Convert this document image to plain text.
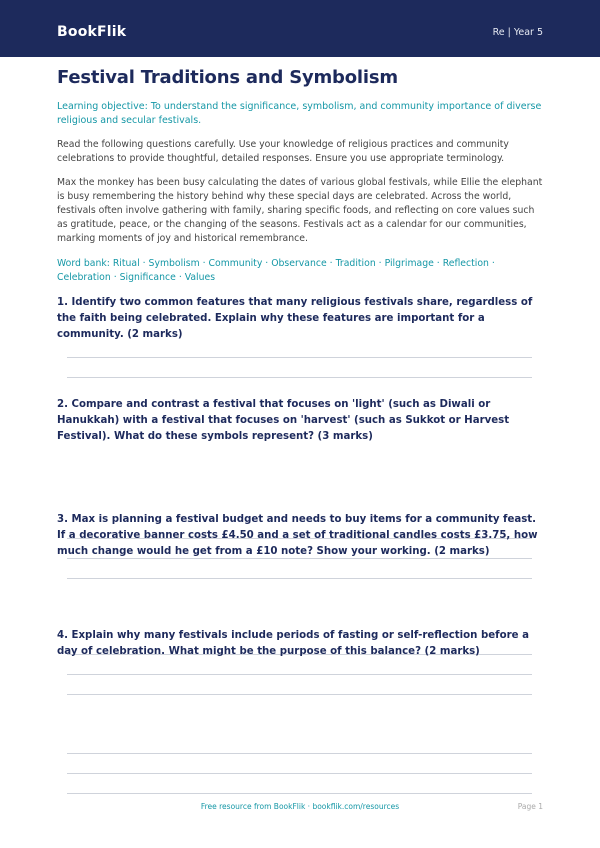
BookFlik	Re | Year 5
Festival Traditions and Symbolism
Learning objective: To understand the significance, symbolism, and community importance of diverse religious and secular festivals.
Read the following questions carefully. Use your knowledge of religious practices and community celebrations to provide thoughtful, detailed responses. Ensure you use appropriate terminology.
Max the monkey has been busy calculating the dates of various global festivals, while Ellie the elephant is busy remembering the history behind why these special days are celebrated. Across the world, festivals often involve gathering with family, sharing specific foods, and reflecting on core values such as gratitude, peace, or the changing of the seasons. Festivals act as a calendar for our communities, marking moments of joy and historical remembrance.
Word bank: Ritual · Symbolism · Community · Observance · Tradition · Pilgrimage · Reflection · Celebration · Significance · Values
1. Identify two common features that many religious festivals share, regardless of the faith being celebrated. Explain why these features are important for a community. (2 marks)
2. Compare and contrast a festival that focuses on 'light' (such as Diwali or Hanukkah) with a festival that focuses on 'harvest' (such as Sukkot or Harvest Festival). What do these symbols represent? (3 marks)
3. Max is planning a festival budget and needs to buy items for a community feast. If a decorative banner costs £4.50 and a set of traditional candles costs £3.75, how much change would he get from a £10 note? Show your working. (2 marks)
4. Explain why many festivals include periods of fasting or self-reflection before a day of celebration. What might be the purpose of this balance? (2 marks)
Free resource from BookFlik · bookflik.com/resources	Page 1
